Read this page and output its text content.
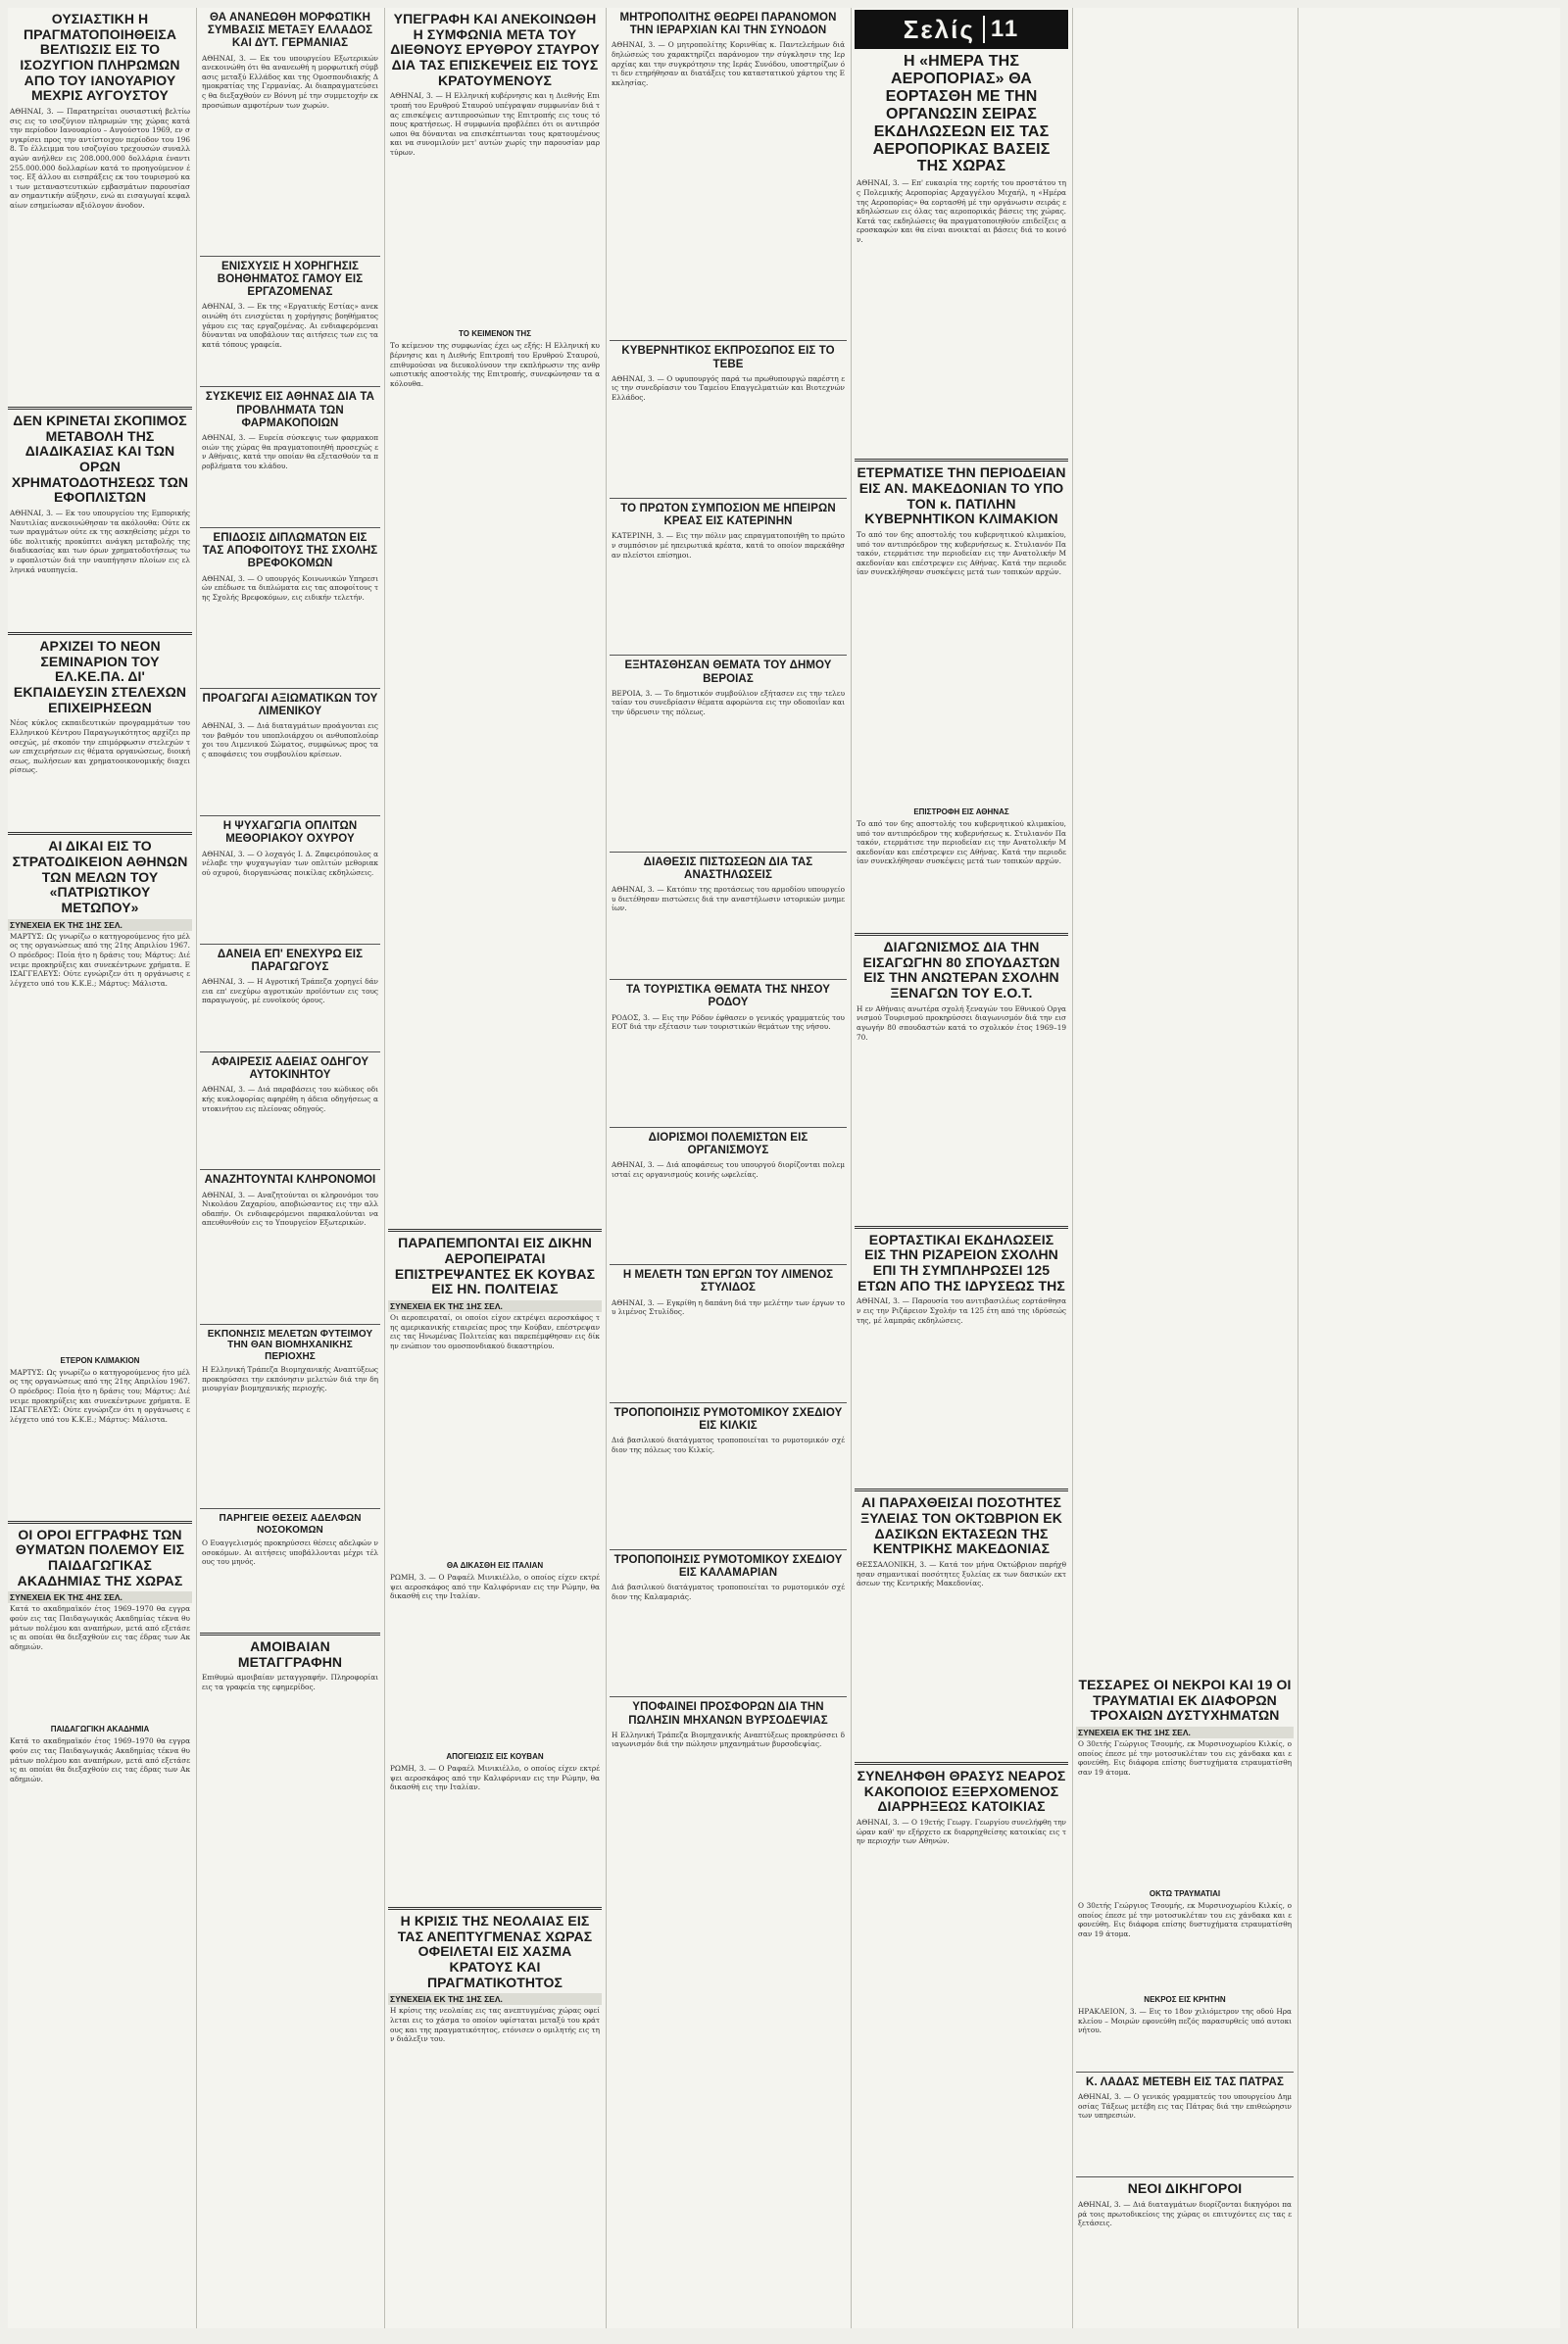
ΟΥΣΙΑΣΤΙΚΗ Η ΠΡΑΓΜΑΤΟΠΟΙΗΘΕΙΣΑ ΒΕΛΤΙΩΣΙΣ ΕΙΣ ΤΟ ΙΣΟΖΥΓΙΟΝ ΠΛΗΡΩΜΩΝ ΑΠΟ ΤΟΥ ΙΑΝΟΥΑΡΙΟΥ ΜΕΧΡΙΣ ΑΥΓΟΥΣΤΟΥ
ΑΘΗΝΑΙ, 3. — Παρατηρείται ουσιαστική βελτίωσις εις το ισοζύγιον πληρωμών της χώρας κατά την περίοδον Ιανουαρίου – Αυγούστου 1969, εν συγκρίσει προς την αντίστοιχον περίοδον του 1968. Το έλλειμμα του ισοζυγίου τρεχουσών συναλλαγών ανήλθεν εις 208.000.000 δολλάρια έναντι 255.000.000 δολλαρίων κατά το προηγούμενον έτος. Εξ άλλου αι εισπράξεις εκ του τουρισμού και των μεταναστευτικών εμβασμάτων παρουσίασαν σημαντικήν αύξησιν, ενώ αι εισαγωγαί κεφαλαίων εσημείωσαν αξιόλογον άνοδον.
ΔΕΝ ΚΡΙΝΕΤΑΙ ΣΚΟΠΙΜΟΣ ΜΕΤΑΒΟΛΗ ΤΗΣ ΔΙΑΔΙΚΑΣΙΑΣ ΚΑΙ ΤΩΝ ΟΡΩΝ ΧΡΗΜΑΤΟΔΟΤΗΣΕΩΣ ΤΩΝ ΕΦΟΠΛΙΣΤΩΝ
ΑΘΗΝΑΙ, 3. — Εκ του υπουργείου της Εμπορικής Ναυτιλίας ανεκοινώθησαν τα ακόλουθα: Ούτε εκ των πραγμάτων ούτε εκ της ασκηθείσης μέχρι τούδε πολιτικής προκύπτει ανάγκη μεταβολής της διαδικασίας και των όρων χρηματοδοτήσεως των εφοπλιστών διά την ναυπήγησιν πλοίων εις ελληνικά ναυπηγεία.
ΑΡΧΙΖΕΙ ΤΟ ΝΕΟΝ ΣΕΜΙΝΑΡΙΟΝ ΤΟΥ ΕΛ.ΚΕ.ΠΑ. ΔΙ' ΕΚΠΑΙΔΕΥΣΙΝ ΣΤΕΛΕΧΩΝ ΕΠΙΧΕΙΡΗΣΕΩΝ
Νέος κύκλος εκπαιδευτικών προγραμμάτων του Ελληνικού Κέντρου Παραγωγικότητος αρχίζει προσεχώς, μέ σκοπόν την επιμόρφωσιν στελεχών των επιχειρήσεων εις θέματα οργανώσεως, διοικήσεως, πωλήσεων και χρηματοοικονομικής διαχειρίσεως.
ΑΙ ΔΙΚΑΙ ΕΙΣ ΤΟ ΣΤΡΑΤΟΔΙΚΕΙΟΝ ΑΘΗΝΩΝ ΤΩΝ ΜΕΛΩΝ ΤΟΥ «ΠΑΤΡΙΩΤΙΚΟΥ ΜΕΤΩΠΟΥ»
ΣΥΝΕΧΕΙΑ ΕΚ ΤΗΣ 1ΗΣ ΣΕΛ.
ΜΑΡΤΥΣ: Ως γνωρίζω ο κατηγορούμενος ήτο μέλος της οργανώσεως από της 21ης Απριλίου 1967. Ο πρόεδρος: Ποία ήτο η δράσις του; Μάρτυς: Διένειμε προκηρύξεις και συνεκέντρωνε χρήματα. ΕΙΣΑΓΓΕΛΕΥΣ: Ούτε εγνώριζεν ότι η οργάνωσις ελέγχετο υπό του Κ.Κ.Ε.; Μάρτυς: Μάλιστα.
ΕΤΕΡΟΝ ΚΛΙΜΑΚΙΟΝ
ΜΑΡΤΥΣ: Ως γνωρίζω ο κατηγορούμενος ήτο μέλος της οργανώσεως από της 21ης Απριλίου 1967. Ο πρόεδρος: Ποία ήτο η δράσις του; Μάρτυς: Διένειμε προκηρύξεις και συνεκέντρωνε χρήματα. ΕΙΣΑΓΓΕΛΕΥΣ: Ούτε εγνώριζεν ότι η οργάνωσις ελέγχετο υπό του Κ.Κ.Ε.; Μάρτυς: Μάλιστα.
ΟΙ ΟΡΟΙ ΕΓΓΡΑΦΗΣ ΤΩΝ ΘΥΜΑΤΩΝ ΠΟΛΕΜΟΥ ΕΙΣ ΠΑΙΔΑΓΩΓΙΚΑΣ ΑΚΑΔΗΜΙΑΣ ΤΗΣ ΧΩΡΑΣ
ΣΥΝΕΧΕΙΑ ΕΚ ΤΗΣ 4ΗΣ ΣΕΛ.
Κατά το ακαδημαϊκόν έτος 1969–1970 θα εγγραφούν εις τας Παιδαγωγικάς Ακαδημίας τέκνα θυμάτων πολέμου και αναπήρων, μετά από εξετάσεις αι οποίαι θα διεξαχθούν εις τας έδρας των Ακαδημιών.
ΠΑΙΔΑΓΩΓΙΚΗ ΑΚΑΔΗΜΙΑ
Κατά το ακαδημαϊκόν έτος 1969–1970 θα εγγραφούν εις τας Παιδαγωγικάς Ακαδημίας τέκνα θυμάτων πολέμου και αναπήρων, μετά από εξετάσεις αι οποίαι θα διεξαχθούν εις τας έδρας των Ακαδημιών.
ΘΑ ΑΝΑΝΕΩΘΗ ΜΟΡΦΩΤΙΚΗ ΣΥΜΒΑΣΙΣ ΜΕΤΑΞΥ ΕΛΛΑΔΟΣ ΚΑΙ ΔΥΤ. ΓΕΡΜΑΝΙΑΣ
ΑΘΗΝΑΙ, 3. — Εκ του υπουργείου Εξωτερικών ανεκοινώθη ότι θα ανανεωθή η μορφωτική σύμβασις μεταξύ Ελλάδος και της Ομοσπονδιακής Δημοκρατίας της Γερμανίας. Αι διαπραγματεύσεις θα διεξαχθούν εν Βόννη μέ την συμμετοχήν εκπροσώπων αμφοτέρων των χωρών.
ΕΝΙΣΧΥΣΙΣ Η ΧΟΡΗΓΗΣΙΣ ΒΟΗΘΗΜΑΤΟΣ ΓΑΜΟΥ ΕΙΣ ΕΡΓΑΖΟΜΕΝΑΣ
ΑΘΗΝΑΙ, 3. — Εκ της «Εργατικής Εστίας» ανεκοινώθη ότι ενισχύεται η χορήγησις βοηθήματος γάμου εις τας εργαζομένας. Αι ενδιαφερόμεναι δύνανται να υποβάλουν τας αιτήσεις των εις τα κατά τόπους γραφεία.
ΣΥΣΚΕΨΙΣ ΕΙΣ ΑΘΗΝΑΣ ΔΙΑ ΤΑ ΠΡΟΒΛΗΜΑΤΑ ΤΩΝ ΦΑΡΜΑΚΟΠΟΙΩΝ
ΑΘΗΝΑΙ, 3. — Ευρεία σύσκεψις των φαρμακοποιών της χώρας θα πραγματοποιηθή προσεχώς εν Αθήναις, κατά την οποίαν θα εξετασθούν τα προβλήματα του κλάδου.
ΕΠΙΔΟΣΙΣ ΔΙΠΛΩΜΑΤΩΝ ΕΙΣ ΤΑΣ ΑΠΟΦΟΙΤΟΥΣ ΤΗΣ ΣΧΟΛΗΣ ΒΡΕΦΟΚΟΜΩΝ
ΑΘΗΝΑΙ, 3. — Ο υπουργός Κοινωνικών Υπηρεσιών επέδωσε τα διπλώματα εις τας αποφοίτους της Σχολής Βρεφοκόμων, εις ειδικήν τελετήν.
ΠΡΟΑΓΩΓΑΙ ΑΞΙΩΜΑΤΙΚΩΝ ΤΟΥ ΛΙΜΕΝΙΚΟΥ
ΑΘΗΝΑΙ, 3. — Διά διαταγμάτων προάγονται εις τον βαθμόν του υποπλοιάρχου οι ανθυποπλοίαρχοι του Λιμενικού Σώματος, συμφώνως προς τας αποφάσεις του συμβουλίου κρίσεων.
Η ΨΥΧΑΓΩΓΙΑ ΟΠΛΙΤΩΝ ΜΕΘΟΡΙΑΚΟΥ ΟΧΥΡΟΥ
ΑΘΗΝΑΙ, 3. — Ο λοχαγός Ι. Δ. Ζαφειρόπουλος ανέλαβε την ψυχαγωγίαν των οπλιτών μεθοριακού οχυρού, διοργανώσας ποικίλας εκδηλώσεις.
ΔΑΝΕΙΑ ΕΠ' ΕΝΕΧΥΡΩ ΕΙΣ ΠΑΡΑΓΩΓΟΥΣ
ΑΘΗΝΑΙ, 3. — Η Αγροτική Τράπεζα χορηγεί δάνεια επ' ενεχύρω αγροτικών προϊόντων εις τους παραγωγούς, μέ ευνοϊκούς όρους.
ΑΦΑΙΡΕΣΙΣ ΑΔΕΙΑΣ ΟΔΗΓΟΥ ΑΥΤΟΚΙΝΗΤΟΥ
ΑΘΗΝΑΙ, 3. — Διά παραβάσεις του κώδικος οδικής κυκλοφορίας αφηρέθη η άδεια οδηγήσεως αυτοκινήτου εις πλείονας οδηγούς.
ΑΝΑΖΗΤΟΥΝΤΑΙ ΚΛΗΡΟΝΟΜΟΙ
ΑΘΗΝΑΙ, 3. — Αναζητούνται οι κληρονόμοι του Νικολάου Ζαχαρίου, αποβιώσαντος εις την αλλοδαπήν. Οι ενδιαφερόμενοι παρακαλούνται να απευθυνθούν εις το Υπουργείον Εξωτερικών.
ΕΚΠΟΝΗΣΙΣ ΜΕΛΕΤΩΝ ΦΥΤΕΙΜΟΥ ΤΗΝ ΘΑΝ ΒΙΟΜΗΧΑΝΙΚΗΣ ΠΕΡΙΟΧΗΣ
Η Ελληνική Τράπεζα Βιομηχανικής Αναπτύξεως προκηρύσσει την εκπόνησιν μελετών διά την δημιουργίαν βιομηχανικής περιοχής.
ΠΑΡΗΓΕΙΕ ΘΕΣΕΙΣ ΑΔΕΛΦΩΝ ΝΟΣΟΚΟΜΩΝ
Ο Ευαγγελισμός προκηρύσσει θέσεις αδελφών νοσοκόμων. Αι αιτήσεις υποβάλλονται μέχρι τέλους του μηνός.
ΑΜΟΙΒΑΙΑΝ ΜΕΤΑΓΓΡΑΦΗΝ
Επιθυμώ αμοιβαίαν μεταγγραφήν. Πληροφορίαι εις τα γραφεία της εφημερίδος.
ΥΠΕΓΡΑΦΗ ΚΑΙ ΑΝΕΚΟΙΝΩΘΗ Η ΣΥΜΦΩΝΙΑ ΜΕΤΑ ΤΟΥ ΔΙΕΘΝΟΥΣ ΕΡΥΘΡΟΥ ΣΤΑΥΡΟΥ ΔΙΑ ΤΑΣ ΕΠΙΣΚΕΨΕΙΣ ΕΙΣ ΤΟΥΣ ΚΡΑΤΟΥΜΕΝΟΥΣ
ΑΘΗΝΑΙ, 3. — Η Ελληνική κυβέρνησις και η Διεθνής Επιτροπή του Ερυθρού Σταυρού υπέγραψαν συμφωνίαν διά τας επισκέψεις αντιπροσώπων της Επιτροπής εις τους τόπους κρατήσεως. Η συμφωνία προβλέπει ότι οι αντιπρόσωποι θα δύνανται να επισκέπτωνται τους κρατουμένους και να συνομιλούν μετ' αυτών χωρίς την παρουσίαν μαρτύρων.
ΤΟ ΚΕΙΜΕΝΟΝ ΤΗΣ
Το κείμενον της συμφωνίας έχει ως εξής: Η Ελληνική κυβέρνησις και η Διεθνής Επιτροπή του Ερυθρού Σταυρού, επιθυμούσαι να διευκολύνουν την εκπλήρωσιν της ανθρωπιστικής αποστολής της Επιτροπής, συνεφώνησαν τα ακόλουθα.
ΠΑΡΑΠΕΜΠΟΝΤΑΙ ΕΙΣ ΔΙΚΗΝ ΑΕΡΟΠΕΙΡΑΤΑΙ ΕΠΙΣΤΡΕΨΑΝΤΕΣ ΕΚ ΚΟΥΒΑΣ ΕΙΣ ΗΝ. ΠΟΛΙΤΕΙΑΣ
ΣΥΝΕΧΕΙΑ ΕΚ ΤΗΣ 1ΗΣ ΣΕΛ.
Οι αεροπειραταί, οι οποίοι είχον εκτρέψει αεροσκάφος της αμερικανικής εταιρείας προς την Κούβαν, επέστρεψαν εις τας Ηνωμένας Πολιτείας και παρεπέμφθησαν εις δίκην ενώπιον του ομοσπονδιακού δικαστηρίου.
ΘΑ ΔΙΚΑΣΘΗ ΕΙΣ ΙΤΑΛΙΑΝ
ΡΩΜΗ, 3. — Ο Ραφαέλ Μινικιέλλο, ο οποίος είχεν εκτρέψει αεροσκάφος από την Καλιφόρνιαν εις την Ρώμην, θα δικασθή εις την Ιταλίαν.
ΑΠΟΓΕΙΩΣΙΣ ΕΙΣ ΚΟΥΒΑΝ
ΡΩΜΗ, 3. — Ο Ραφαέλ Μινικιέλλο, ο οποίος είχεν εκτρέψει αεροσκάφος από την Καλιφόρνιαν εις την Ρώμην, θα δικασθή εις την Ιταλίαν.
Η ΚΡΙΣΙΣ ΤΗΣ ΝΕΟΛΑΙΑΣ ΕΙΣ ΤΑΣ ΑΝΕΠΤΥΓΜΕΝΑΣ ΧΩΡΑΣ ΟΦΕΙΛΕΤΑΙ ΕΙΣ ΧΑΣΜΑ ΚΡΑΤΟΥΣ ΚΑΙ ΠΡΑΓΜΑΤΙΚΟΤΗΤΟΣ
ΣΥΝΕΧΕΙΑ ΕΚ ΤΗΣ 1ΗΣ ΣΕΛ.
Η κρίσις της νεολαίας εις τας ανεπτυγμένας χώρας οφείλεται εις το χάσμα το οποίον υφίσταται μεταξύ του κράτους και της πραγματικότητος, ετόνισεν ο ομιλητής εις την διάλεξιν του.
ΜΗΤΡΟΠΟΛΙΤΗΣ ΘΕΩΡΕΙ ΠΑΡΑΝΟΜΟΝ ΤΗΝ ΙΕΡΑΡΧΙΑΝ ΚΑΙ ΤΗΝ ΣΥΝΟΔΟΝ
ΑΘΗΝΑΙ, 3. — Ο μητροπολίτης Κορινθίας κ. Παντελεήμων διά δηλώσεώς του χαρακτηρίζει παράνομον την σύγκλησιν της Ιεραρχίας και την συγκρότησιν της Ιεράς Συνόδου, υποστηρίζων ότι δεν ετηρήθησαν αι διατάξεις του καταστατικού χάρτου της Εκκλησίας.
ΚΥΒΕΡΝΗΤΙΚΟΣ ΕΚΠΡΟΣΩΠΟΣ ΕΙΣ ΤΟ ΤΕΒΕ
ΑΘΗΝΑΙ, 3. — Ο υφυπουργός παρά τω πρωθυπουργώ παρέστη εις την συνεδρίασιν του Ταμείου Επαγγελματιών και Βιοτεχνών Ελλάδος.
ΤΟ ΠΡΩΤΟΝ ΣΥΜΠΟΣΙΟΝ ΜΕ ΗΠΕΙΡΩΝ ΚΡΕΑΣ ΕΙΣ ΚΑΤΕΡΙΝΗΝ
ΚΑΤΕΡΙΝΗ, 3. — Εις την πόλιν μας επραγματοποιήθη το πρώτον συμπόσιον μέ ηπειρωτικά κρέατα, κατά το οποίον παρεκάθησαν πλείστοι επίσημοι.
ΕΞΗΤΑΣΘΗΣΑΝ ΘΕΜΑΤΑ ΤΟΥ ΔΗΜΟΥ ΒΕΡΟΙΑΣ
ΒΕΡΟΙΑ, 3. — Το δημοτικόν συμβούλιον εξήτασεν εις την τελευταίαν του συνεδρίασιν θέματα αφορώντα εις την οδοποιΐαν και την ύδρευσιν της πόλεως.
ΔΙΑΘΕΣΙΣ ΠΙΣΤΩΣΕΩΝ ΔΙΑ ΤΑΣ ΑΝΑΣΤΗΛΩΣΕΙΣ
ΑΘΗΝΑΙ, 3. — Κατόπιν της προτάσεως του αρμοδίου υπουργείου διετέθησαν πιστώσεις διά την αναστήλωσιν ιστορικών μνημείων.
ΤΑ ΤΟΥΡΙΣΤΙΚΑ ΘΕΜΑΤΑ ΤΗΣ ΝΗΣΟΥ ΡΟΔΟΥ
ΡΟΔΟΣ, 3. — Εις την Ρόδον έφθασεν ο γενικός γραμματεύς του ΕΟΤ διά την εξέτασιν των τουριστικών θεμάτων της νήσου.
ΔΙΟΡΙΣΜΟΙ ΠΟΛΕΜΙΣΤΩΝ ΕΙΣ ΟΡΓΑΝΙΣΜΟΥΣ
ΑΘΗΝΑΙ, 3. — Διά αποφάσεως του υπουργού διορίζονται πολεμισταί εις οργανισμούς κοινής ωφελείας.
Η ΜΕΛΕΤΗ ΤΩΝ ΕΡΓΩΝ ΤΟΥ ΛΙΜΕΝΟΣ ΣΤΥΛΙΔΟΣ
ΑΘΗΝΑΙ, 3. — Εγκρίθη η δαπάνη διά την μελέτην των έργων του λιμένος Στυλίδος.
ΤΡΟΠΟΠΟΙΗΣΙΣ ΡΥΜΟΤΟΜΙΚΟΥ ΣΧΕΔΙΟΥ ΕΙΣ ΚΙΛΚΙΣ
Διά βασιλικού διατάγματος τροποποιείται το ρυμοτομικόν σχέδιον της πόλεως του Κιλκίς.
ΤΡΟΠΟΠΟΙΗΣΙΣ ΡΥΜΟΤΟΜΙΚΟΥ ΣΧΕΔΙΟΥ ΕΙΣ ΚΑΛΑΜΑΡΙΑΝ
Διά βασιλικού διατάγματος τροποποιείται το ρυμοτομικόν σχέδιον της Καλαμαριάς.
ΥΠΟΦΑΙΝΕΙ ΠΡΟΣΦΟΡΩΝ ΔΙΑ ΤΗΝ ΠΩΛΗΣΙΝ ΜΗΧΑΝΩΝ ΒΥΡΣΟΔΕΨΙΑΣ
Η Ελληνική Τράπεζα Βιομηχανικής Αναπτύξεως προκηρύσσει διαγωνισμόν διά την πώλησιν μηχανημάτων βυρσοδεψίας.
Σελίς 11
Η «ΗΜΕΡΑ ΤΗΣ ΑΕΡΟΠΟΡΙΑΣ» ΘΑ ΕΟΡΤΑΣΘΗ ΜΕ ΤΗΝ ΟΡΓΑΝΩΣΙΝ ΣΕΙΡΑΣ ΕΚΔΗΛΩΣΕΩΝ ΕΙΣ ΤΑΣ ΑΕΡΟΠΟΡΙΚΑΣ ΒΑΣΕΙΣ ΤΗΣ ΧΩΡΑΣ
ΑΘΗΝΑΙ, 3. — Επ' ευκαιρία της εορτής του προστάτου της Πολεμικής Αεροπορίας Αρχαγγέλου Μιχαήλ, η «Ημέρα της Αεροπορίας» θα εορτασθή μέ την οργάνωσιν σειράς εκδηλώσεων εις όλας τας αεροπορικάς βάσεις της χώρας. Κατά τας εκδηλώσεις θα πραγματοποιηθούν επιδείξεις αεροσκαφών και θα είναι ανοικταί αι βάσεις διά το κοινόν.
ΕΤΕΡΜΑΤΙΣΕ ΤΗΝ ΠΕΡΙΟΔΕΙΑΝ ΕΙΣ ΑΝ. ΜΑΚΕΔΟΝΙΑΝ ΤΟ ΥΠΟ ΤΟΝ κ. ΠΑΤΙΛΗΝ ΚΥΒΕΡΝΗΤΙΚΟΝ ΚΛΙΜΑΚΙΟΝ
Το από τον 6ης αποστολής του κυβερνητικού κλιμακίου, υπό τον αντιπρόεδρον της κυβερνήσεως κ. Στυλιανόν Πατακόν, ετερμάτισε την περιοδείαν εις την Ανατολικήν Μακεδονίαν και επέστρεψεν εις Αθήνας. Κατά την περιοδείαν συνεκλήθησαν συσκέψεις μετά των τοπικών αρχών.
ΕΠΙΣΤΡΟΦΗ ΕΙΣ ΑΘΗΝΑΣ
Το από τον 6ης αποστολής του κυβερνητικού κλιμακίου, υπό τον αντιπρόεδρον της κυβερνήσεως κ. Στυλιανόν Πατακόν, ετερμάτισε την περιοδείαν εις την Ανατολικήν Μακεδονίαν και επέστρεψεν εις Αθήνας. Κατά την περιοδείαν συνεκλήθησαν συσκέψεις μετά των τοπικών αρχών.
ΔΙΑΓΩΝΙΣΜΟΣ ΔΙΑ ΤΗΝ ΕΙΣΑΓΩΓΗΝ 80 ΣΠΟΥΔΑΣΤΩΝ ΕΙΣ ΤΗΝ ΑΝΩΤΕΡΑΝ ΣΧΟΛΗΝ ΞΕΝΑΓΩΝ ΤΟΥ Ε.Ο.Τ.
Η εν Αθήναις ανωτέρα σχολή ξεναγών του Εθνικού Οργανισμού Τουρισμού προκηρύσσει διαγωνισμόν διά την εισαγωγήν 80 σπουδαστών κατά το σχολικόν έτος 1969–1970.
ΕΟΡΤΑΣΤΙΚΑΙ ΕΚΔΗΛΩΣΕΙΣ ΕΙΣ ΤΗΝ ΡΙΖΑΡΕΙΟΝ ΣΧΟΛΗΝ ΕΠΙ ΤΗ ΣΥΜΠΛΗΡΩΣΕΙ 125 ΕΤΩΝ ΑΠΟ ΤΗΣ ΙΔΡΥΣΕΩΣ ΤΗΣ
ΑΘΗΝΑΙ, 3. — Παρουσία του ανιτιβασιλέως εορτάσθησαν εις την Ριζάρειον Σχολήν τα 125 έτη από της ιδρύσεώς της, μέ λαμπράς εκδηλώσεις.
ΑΙ ΠΑΡΑΧΘΕΙΣΑΙ ΠΟΣΟΤΗΤΕΣ ΞΥΛΕΙΑΣ ΤΟΝ ΟΚΤΩΒΡΙΟΝ ΕΚ ΔΑΣΙΚΩΝ ΕΚΤΑΣΕΩΝ ΤΗΣ ΚΕΝΤΡΙΚΗΣ ΜΑΚΕΔΟΝΙΑΣ
ΘΕΣΣΑΛΟΝΙΚΗ, 3. — Κατά τον μήνα Οκτώβριον παρήχθησαν σημαντικαί ποσότητες ξυλείας εκ των δασικών εκτάσεων της Κεντρικής Μακεδονίας.
ΣΥΝΕΛΗΦΘΗ ΘΡΑΣΥΣ ΝΕΑΡΟΣ ΚΑΚΟΠΟΙΟΣ ΕΞΕΡΧΟΜΕΝΟΣ ΔΙΑΡΡΗΞΕΩΣ ΚΑΤΟΙΚΙΑΣ
ΑΘΗΝΑΙ, 3. — Ο 19ετής Γεωργ. Γεωργίου συνελήφθη την ώραν καθ' ην εξήρχετο εκ διαρρηχθείσης κατοικίας εις την περιοχήν των Αθηνών.
ΤΕΣΣΑΡΕΣ ΟΙ ΝΕΚΡΟΙ ΚΑΙ 19 ΟΙ ΤΡΑΥΜΑΤΙΑΙ ΕΚ ΔΙΑΦΟΡΩΝ ΤΡΟΧΑΙΩΝ ΔΥΣΤΥΧΗΜΑΤΩΝ
ΣΥΝΕΧΕΙΑ ΕΚ ΤΗΣ 1ΗΣ ΣΕΛ.
Ο 30ετής Γεώργιος Τσουμής, εκ Μυρσινοχωρίου Κιλκίς, ο οποίος έπεσε μέ την μοτοσυκλέταν του εις χάνδακα και εφονεύθη. Εις διάφορα επίσης δυστυχήματα ετραυματίσθησαν 19 άτομα.
ΟΚΤΩ ΤΡΑΥΜΑΤΙΑΙ
Ο 30ετής Γεώργιος Τσουμής, εκ Μυρσινοχωρίου Κιλκίς, ο οποίος έπεσε μέ την μοτοσυκλέταν του εις χάνδακα και εφονεύθη. Εις διάφορα επίσης δυστυχήματα ετραυματίσθησαν 19 άτομα.
ΝΕΚΡΟΣ ΕΙΣ ΚΡΗΤΗΝ
ΗΡΑΚΛΕΙΟΝ, 3. — Εις το 18ον χιλιόμετρον της οδού Ηρακλείου – Μοιρών εφονεύθη πεζός παρασυρθείς υπό αυτοκινήτου.
Κ. ΛΑΔΑΣ ΜΕΤΕΒΗ ΕΙΣ ΤΑΣ ΠΑΤΡΑΣ
ΑΘΗΝΑΙ, 3. — Ο γενικός γραμματεύς του υπουργείου Δημοσίας Τάξεως μετέβη εις τας Πάτρας διά την επιθεώρησιν των υπηρεσιών.
ΝΕΟΙ ΔΙΚΗΓΟΡΟΙ
ΑΘΗΝΑΙ, 3. — Διά διαταγμάτων διορίζονται δικηγόροι παρά τοις πρωτοδικείοις της χώρας οι επιτυχόντες εις τας εξετάσεις.
